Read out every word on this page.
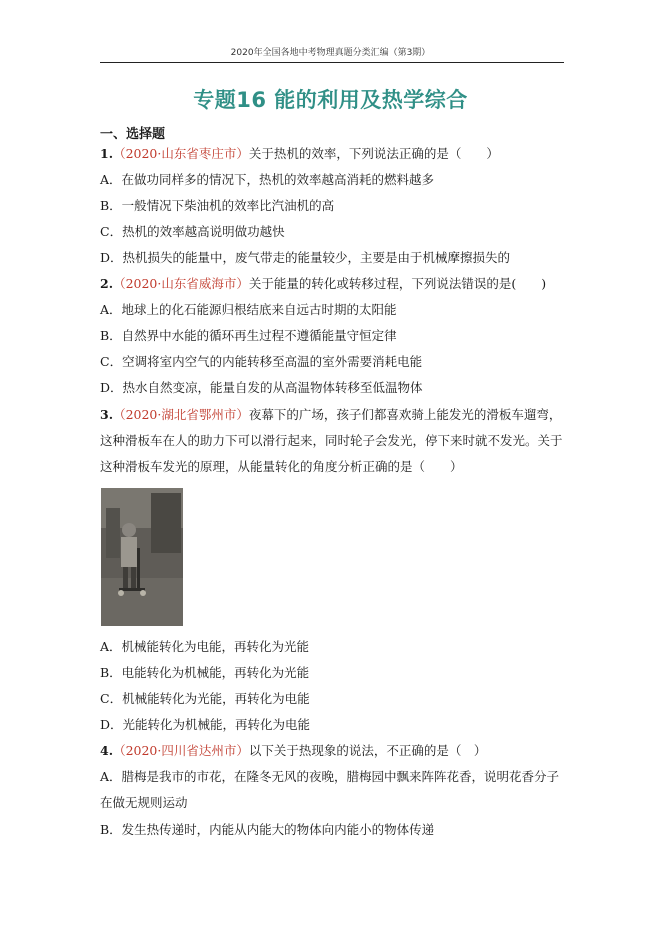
2020年全国各地中考物理真题分类汇编（第3期）
专题16 能的利用及热学综合
一、选择题
1.（2020·山东省枣庄市）关于热机的效率，下列说法正确的是（　　）
A．在做功同样多的情况下，热机的效率越高消耗的燃料越多
B．一般情况下柴油机的效率比汽油机的高
C．热机的效率越高说明做功越快
D．热机损失的能量中，废气带走的能量较少，主要是由于机械摩擦损失的
2.（2020·山东省威海市）关于能量的转化或转移过程，下列说法错误的是(　　)
A．地球上的化石能源归根结底来自远古时期的太阳能
B．自然界中水能的循环再生过程不遵循能量守恒定律
C．空调将室内空气的内能转移至高温的室外需要消耗电能
D．热水自然变凉，能量自发的从高温物体转移至低温物体
3.（2020·湖北省鄂州市）夜幕下的广场，孩子们都喜欢骑上能发光的滑板车遛弯，这种滑板车在人的助力下可以滑行起来，同时轮子会发光，停下来时就不发光。关于这种滑板车发光的原理，从能量转化的角度分析正确的是（　　）
A．机械能转化为电能，再转化为光能
B．电能转化为机械能，再转化为光能
C．机械能转化为光能，再转化为电能
D．光能转化为机械能，再转化为电能
4.（2020·四川省达州市）以下关于热现象的说法，不正确的是（　）
A．腊梅是我市的市花，在隆冬无风的夜晚，腊梅园中飘来阵阵花香，说明花香分子在做无规则运动
B．发生热传递时，内能从内能大的物体向内能小的物体传递
